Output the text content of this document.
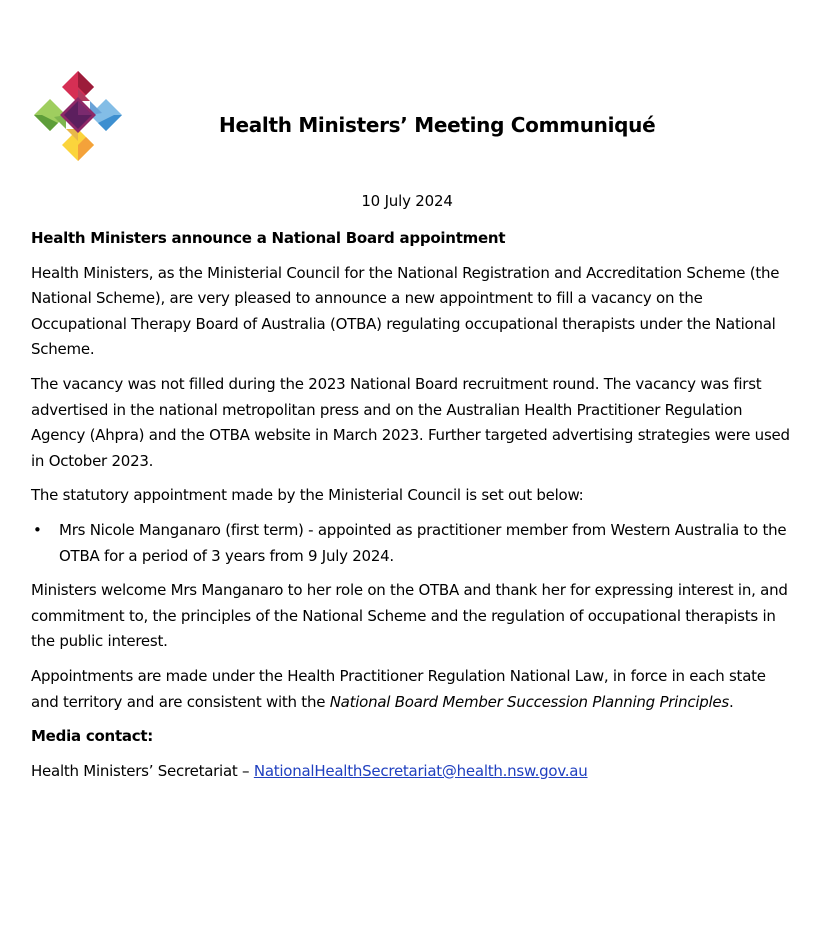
Health Ministers’ Meeting Communiqué
10 July 2024

Health Ministers announce a National Board appointment

Health Ministers, as the Ministerial Council for the National Registration and Accreditation Scheme (the National Scheme), are very pleased to announce a new appointment to fill a vacancy on the Occupational Therapy Board of Australia (OTBA) regulating occupational therapists under the National Scheme.

The vacancy was not filled during the 2023 National Board recruitment round. The vacancy was first advertised in the national metropolitan press and on the Australian Health Practitioner Regulation Agency (Ahpra) and the OTBA website in March 2023. Further targeted advertising strategies were used in October 2023.

The statutory appointment made by the Ministerial Council is set out below:

• Mrs Nicole Manganaro (first term) - appointed as practitioner member from Western Australia to the OTBA for a period of 3 years from 9 July 2024.

Ministers welcome Mrs Manganaro to her role on the OTBA and thank her for expressing interest in, and commitment to, the principles of the National Scheme and the regulation of occupational therapists in the public interest.

Appointments are made under the Health Practitioner Regulation National Law, in force in each state and territory and are consistent with the National Board Member Succession Planning Principles.

Media contact:

Health Ministers’ Secretariat – NationalHealthSecretariat@health.nsw.gov.au
